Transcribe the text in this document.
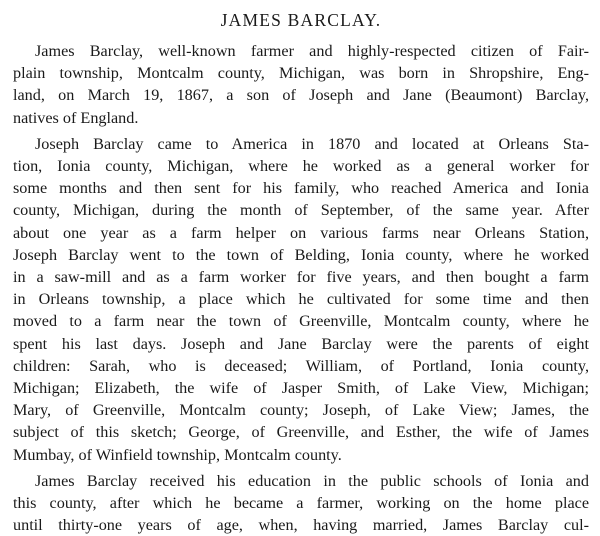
JAMES BARCLAY.
James Barclay, well-known farmer and highly-respected citizen of Fair-
plain township, Montcalm county, Michigan, was born in Shropshire, Eng-
land, on March 19, 1867, a son of Joseph and Jane (Beaumont) Barclay,
natives of England.
Joseph Barclay came to America in 1870 and located at Orleans Sta-
tion, Ionia county, Michigan, where he worked as a general worker for
some months and then sent for his family, who reached America and Ionia
county, Michigan, during the month of September, of the same year. After
about one year as a farm helper on various farms near Orleans Station,
Joseph Barclay went to the town of Belding, Ionia county, where he worked
in a saw-mill and as a farm worker for five years, and then bought a farm
in Orleans township, a place which he cultivated for some time and then
moved to a farm near the town of Greenville, Montcalm county, where he
spent his last days. Joseph and Jane Barclay were the parents of eight
children: Sarah, who is deceased; William, of Portland, Ionia county,
Michigan; Elizabeth, the wife of Jasper Smith, of Lake View, Michigan;
Mary, of Greenville, Montcalm county; Joseph, of Lake View; James, the
subject of this sketch; George, of Greenville, and Esther, the wife of James
Mumbay, of Winfield township, Montcalm county.
James Barclay received his education in the public schools of Ionia and
this county, after which he became a farmer, working on the home place
until thirty-one years of age, when, having married, James Barclay cul-
